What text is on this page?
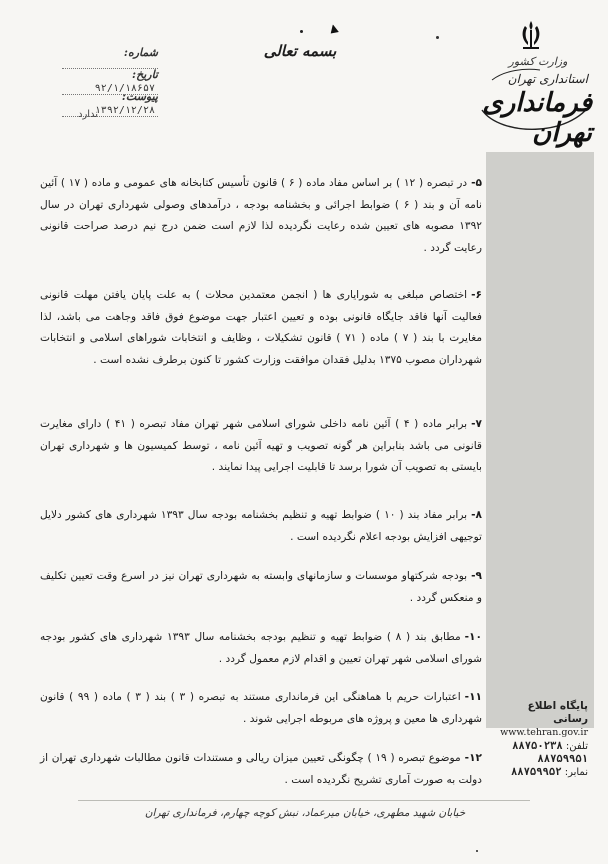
وزارت کشور
استانداری تهران
فرمانداری تهران
بسمه تعالی
شماره:
تاریخ: ۹۲/۱/۱۸۶۵۷
پیوست: ۱۳۹۲/۱۲/۲۸
ندارد
۵-در تبصره ( ۱۲ ) بر اساس مفاد ماده ( ۶ ) قانون تأسیس کتابخانه های عمومی و ماده ( ۱۷ ) آئین نامه آن و بند ( ۶ ) ضوابط اجرائی و بخشنامه بودجه ، درآمدهای وصولی شهرداری تهران در سال ۱۳۹۲ مصوبه های تعیین شده رعایت نگردیده لذا لازم است ضمن درج نیم درصد صراحت قانونی رعایت گردد .
۶-اختصاص مبلغی به شورایاری ها ( انجمن معتمدین محلات ) به علت پایان یافتن مهلت قانونی فعالیت آنها فاقد جایگاه قانونی بوده و تعیین اعتبار جهت موضوع فوق فاقد وجاهت می باشد، لذا مغایرت با بند ( ۷ ) ماده ( ۷۱ ) قانون تشکیلات ، وظایف و انتخابات شوراهای اسلامی و انتخابات شهرداران مصوب ۱۳۷۵ بدلیل فقدان موافقت وزارت کشور تا کنون برطرف نشده است .
۷-برابر ماده ( ۴ ) آئین نامه داخلی شورای اسلامی شهر تهران مفاد تبصره ( ۴۱ ) دارای مغایرت قانونی می باشد بنابراین هر گونه تصویب و تهیه آئین نامه ، توسط کمیسیون ها و شهرداری تهران بایستی به تصویب آن شورا برسد تا قابلیت اجرایی پیدا نمایند .
۸-برابر مفاد بند ( ۱۰ ) ضوابط تهیه و تنظیم بخشنامه بودجه سال ۱۳۹۳ شهرداری های کشور دلایل توجیهی افزایش بودجه اعلام نگردیده است .
۹-بودجه شرکتهاو موسسات و سازمانهای وابسته به شهرداری تهران نیز در اسرع وقت تعیین تکلیف و منعکس گردد .
۱۰-مطابق بند ( ۸ ) ضوابط تهیه و تنظیم بودجه بخشنامه سال ۱۳۹۳ شهرداری های کشور بودجه شورای اسلامی شهر تهران تعیین و اقدام لازم معمول گردد .
۱۱-اعتبارات حریم با هماهنگی این فرمانداری مستند به تبصره ( ۳ ) بند ( ۳ ) ماده ( ۹۹ ) قانون شهرداری ها معین و پروژه های مربوطه اجرایی شوند .
۱۲-موضوع تبصره ( ۱۹ ) چگونگی تعیین میزان ریالی و مستندات قانون مطالبات شهرداری تهران از دولت به صورت آماری تشریح نگردیده است .
پایگاه اطلاع رسانی
www.tehran.gov.ir
تلفن: ۸۸۷۵۰۲۳۸
۸۸۷۵۹۹۵۱
نمابر: ۸۸۷۵۹۹۵۲
خیابان شهید مطهری، خیابان میرعماد، نبش کوچه چهارم، فرمانداری تهران
